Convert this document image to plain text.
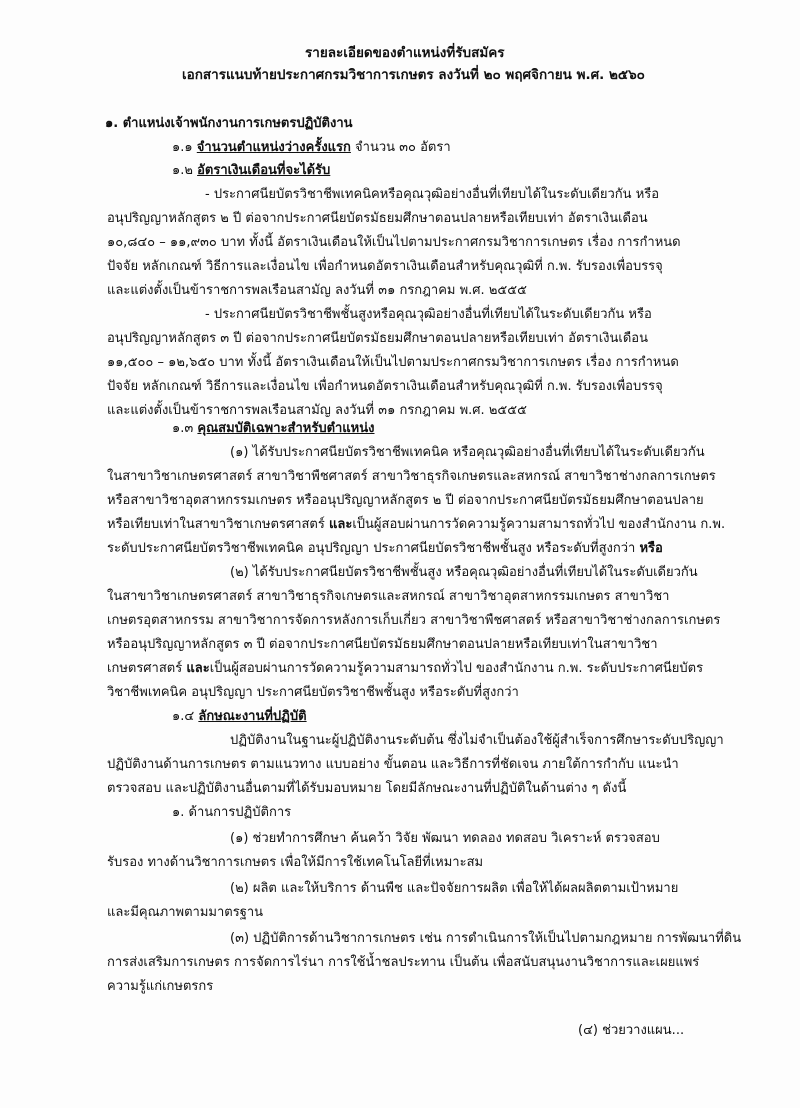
รายละเอียดของตำแหน่งที่รับสมัคร
เอกสารแนบท้ายประกาศกรมวิชาการเกษตร ลงวันที่ ๒๐ พฤศจิกายน พ.ศ. ๒๕๖๐
๑. ตำแหน่งเจ้าพนักงานการเกษตรปฏิบัติงาน
๑.๑ จำนวนตำแหน่งว่างครั้งแรก จำนวน ๓๐ อัตรา
๑.๒ อัตราเงินเดือนที่จะได้รับ
- ประกาศนียบัตรวิชาชีพเทคนิคหรือคุณวุฒิอย่างอื่นที่เทียบได้ในระดับเดียวกัน หรือ
อนุปริญญาหลักสูตร ๒ ปี ต่อจากประกาศนียบัตรมัธยมศึกษาตอนปลายหรือเทียบเท่า อัตราเงินเดือน
๑๐,๘๔๐ – ๑๑,๙๓๐ บาท ทั้งนี้ อัตราเงินเดือนให้เป็นไปตามประกาศกรมวิชาการเกษตร เรื่อง การกำหนด
ปัจจัย หลักเกณฑ์ วิธีการและเงื่อนไข เพื่อกำหนดอัตราเงินเดือนสำหรับคุณวุฒิที่ ก.พ. รับรองเพื่อบรรจุ
และแต่งตั้งเป็นข้าราชการพลเรือนสามัญ ลงวันที่ ๓๑ กรกฎาคม พ.ศ. ๒๕๕๕
- ประกาศนียบัตรวิชาชีพชั้นสูงหรือคุณวุฒิอย่างอื่นที่เทียบได้ในระดับเดียวกัน หรือ
อนุปริญญาหลักสูตร ๓ ปี ต่อจากประกาศนียบัตรมัธยมศึกษาตอนปลายหรือเทียบเท่า อัตราเงินเดือน
๑๑,๕๐๐ – ๑๒,๖๕๐ บาท ทั้งนี้ อัตราเงินเดือนให้เป็นไปตามประกาศกรมวิชาการเกษตร เรื่อง การกำหนด
ปัจจัย หลักเกณฑ์ วิธีการและเงื่อนไข เพื่อกำหนดอัตราเงินเดือนสำหรับคุณวุฒิที่ ก.พ. รับรองเพื่อบรรจุ
และแต่งตั้งเป็นข้าราชการพลเรือนสามัญ ลงวันที่ ๓๑ กรกฎาคม พ.ศ. ๒๕๕๕
๑.๓ คุณสมบัติเฉพาะสำหรับตำแหน่ง
(๑) ได้รับประกาศนียบัตรวิชาชีพเทคนิค หรือคุณวุฒิอย่างอื่นที่เทียบได้ในระดับเดียวกัน
ในสาขาวิชาเกษตรศาสตร์ สาขาวิชาพืชศาสตร์ สาขาวิชาธุรกิจเกษตรและสหกรณ์ สาขาวิชาช่างกลการเกษตร
หรือสาขาวิชาอุตสาหกรรมเกษตร หรืออนุปริญญาหลักสูตร ๒ ปี ต่อจากประกาศนียบัตรมัธยมศึกษาตอนปลาย
หรือเทียบเท่าในสาขาวิชาเกษตรศาสตร์ และเป็นผู้สอบผ่านการวัดความรู้ความสามารถทั่วไป ของสำนักงาน ก.พ.
ระดับประกาศนียบัตรวิชาชีพเทคนิค อนุปริญญา ประกาศนียบัตรวิชาชีพชั้นสูง หรือระดับที่สูงกว่า หรือ
(๒) ได้รับประกาศนียบัตรวิชาชีพชั้นสูง หรือคุณวุฒิอย่างอื่นที่เทียบได้ในระดับเดียวกัน
ในสาขาวิชาเกษตรศาสตร์ สาขาวิชาธุรกิจเกษตรและสหกรณ์ สาขาวิชาอุตสาหกรรมเกษตร สาขาวิชา
เกษตรอุตสาหกรรม สาขาวิชาการจัดการหลังการเก็บเกี่ยว สาขาวิชาพืชศาสตร์ หรือสาขาวิชาช่างกลการเกษตร
หรืออนุปริญญาหลักสูตร ๓ ปี ต่อจากประกาศนียบัตรมัธยมศึกษาตอนปลายหรือเทียบเท่าในสาขาวิชา
เกษตรศาสตร์ และเป็นผู้สอบผ่านการวัดความรู้ความสามารถทั่วไป ของสำนักงาน ก.พ. ระดับประกาศนียบัตร
วิชาชีพเทคนิค อนุปริญญา ประกาศนียบัตรวิชาชีพชั้นสูง หรือระดับที่สูงกว่า
๑.๔ ลักษณะงานที่ปฏิบัติ
ปฏิบัติงานในฐานะผู้ปฏิบัติงานระดับต้น ซึ่งไม่จำเป็นต้องใช้ผู้สำเร็จการศึกษาระดับปริญญา
ปฏิบัติงานด้านการเกษตร ตามแนวทาง แบบอย่าง ขั้นตอน และวิธีการที่ชัดเจน ภายใต้การกำกับ แนะนำ
ตรวจสอบ และปฏิบัติงานอื่นตามที่ได้รับมอบหมาย โดยมีลักษณะงานที่ปฏิบัติในด้านต่าง ๆ ดังนี้
๑. ด้านการปฏิบัติการ
(๑) ช่วยทำการศึกษา ค้นคว้า วิจัย พัฒนา ทดลอง ทดสอบ วิเคราะห์ ตรวจสอบ
รับรอง ทางด้านวิชาการเกษตร เพื่อให้มีการใช้เทคโนโลยีที่เหมาะสม
(๒) ผลิต และให้บริการ ด้านพืช และปัจจัยการผลิต เพื่อให้ได้ผลผลิตตามเป้าหมาย
และมีคุณภาพตามมาตรฐาน
(๓) ปฏิบัติการด้านวิชาการเกษตร เช่น การดำเนินการให้เป็นไปตามกฎหมาย การพัฒนาที่ดิน
การส่งเสริมการเกษตร การจัดการไร่นา การใช้น้ำชลประทาน เป็นต้น เพื่อสนับสนุนงานวิชาการและเผยแพร่
ความรู้แก่เกษตรกร
(๔) ช่วยวางแผน...
